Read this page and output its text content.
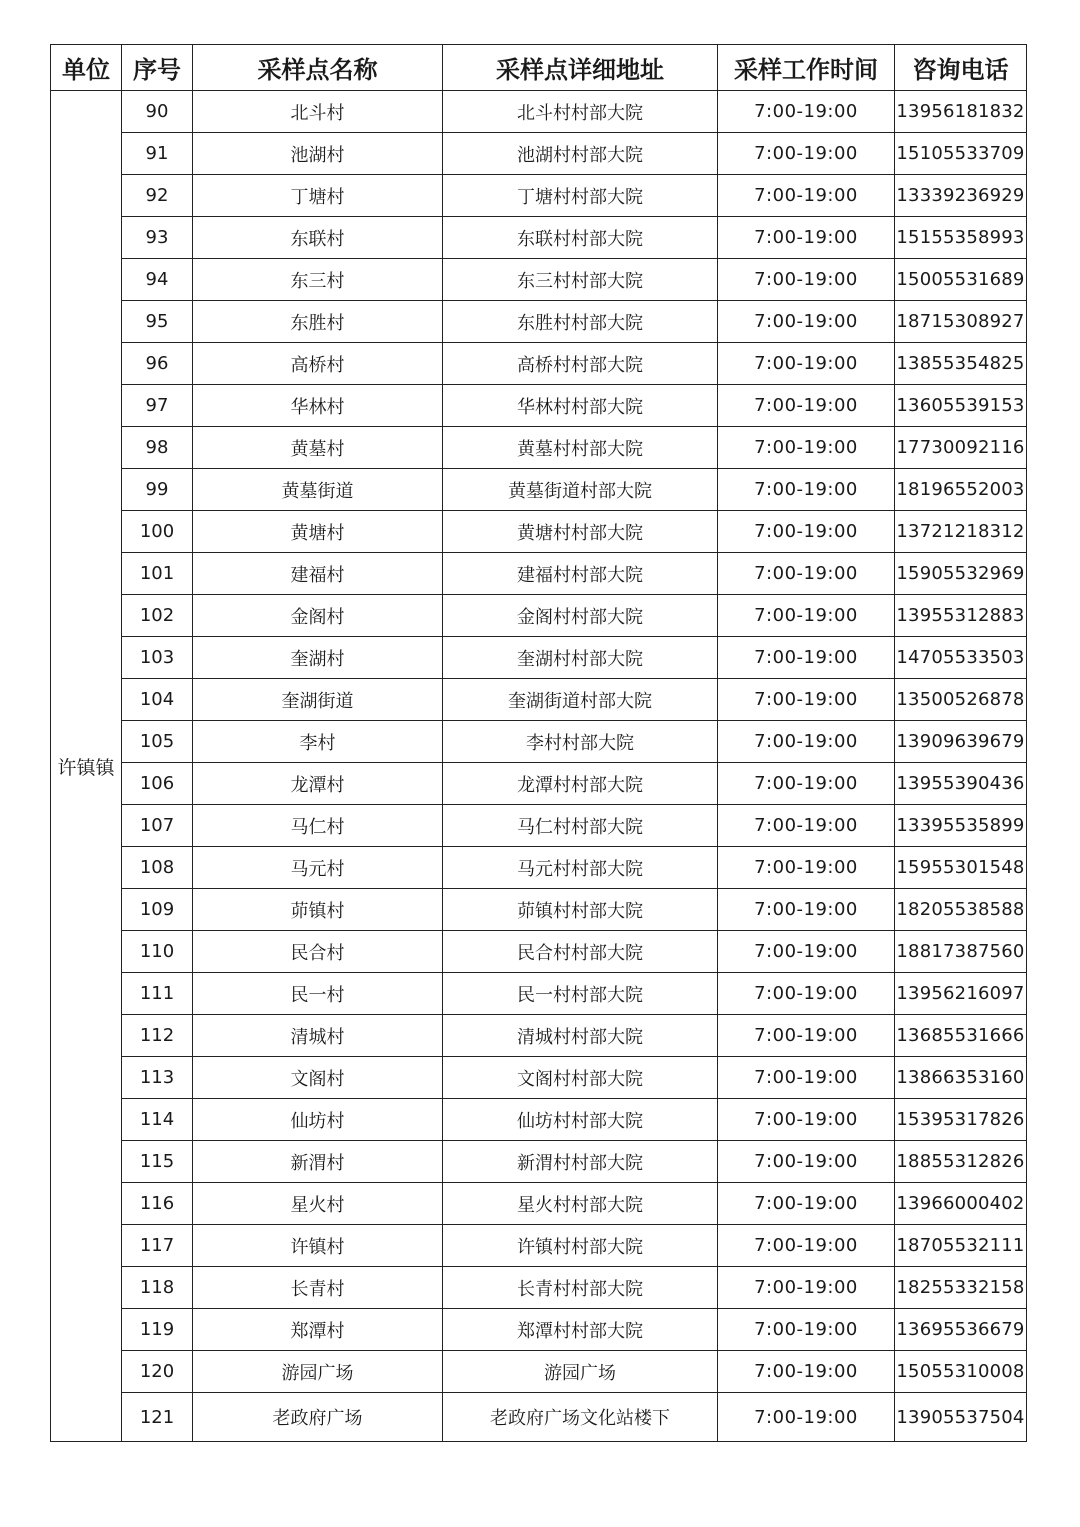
单位	序号	采样点名称	采样点详细地址	采样工作时间	咨询电话
许镇镇	90	北斗村	北斗村村部大院	7:00-19:00	13956181832
	91	池湖村	池湖村村部大院	7:00-19:00	15105533709
	92	丁塘村	丁塘村村部大院	7:00-19:00	13339236929
	93	东联村	东联村村部大院	7:00-19:00	15155358993
	94	东三村	东三村村部大院	7:00-19:00	15005531689
	95	东胜村	东胜村村部大院	7:00-19:00	18715308927
	96	高桥村	高桥村村部大院	7:00-19:00	13855354825
	97	华林村	华林村村部大院	7:00-19:00	13605539153
	98	黄墓村	黄墓村村部大院	7:00-19:00	17730092116
	99	黄墓街道	黄墓街道村部大院	7:00-19:00	18196552003
	100	黄塘村	黄塘村村部大院	7:00-19:00	13721218312
	101	建福村	建福村村部大院	7:00-19:00	15905532969
	102	金阁村	金阁村村部大院	7:00-19:00	13955312883
	103	奎湖村	奎湖村村部大院	7:00-19:00	14705533503
	104	奎湖街道	奎湖街道村部大院	7:00-19:00	13500526878
	105	李村	李村村部大院	7:00-19:00	13909639679
	106	龙潭村	龙潭村村部大院	7:00-19:00	13955390436
	107	马仁村	马仁村村部大院	7:00-19:00	13395535899
	108	马元村	马元村村部大院	7:00-19:00	15955301548
	109	茆镇村	茆镇村村部大院	7:00-19:00	18205538588
	110	民合村	民合村村部大院	7:00-19:00	18817387560
	111	民一村	民一村村部大院	7:00-19:00	13956216097
	112	清城村	清城村村部大院	7:00-19:00	13685531666
	113	文阁村	文阁村村部大院	7:00-19:00	13866353160
	114	仙坊村	仙坊村村部大院	7:00-19:00	15395317826
	115	新渭村	新渭村村部大院	7:00-19:00	18855312826
	116	星火村	星火村村部大院	7:00-19:00	13966000402
	117	许镇村	许镇村村部大院	7:00-19:00	18705532111
	118	长青村	长青村村部大院	7:00-19:00	18255332158
	119	郑潭村	郑潭村村部大院	7:00-19:00	13695536679
	120	游园广场	游园广场	7:00-19:00	15055310008
	121	老政府广场	老政府广场文化站楼下	7:00-19:00	13905537504
